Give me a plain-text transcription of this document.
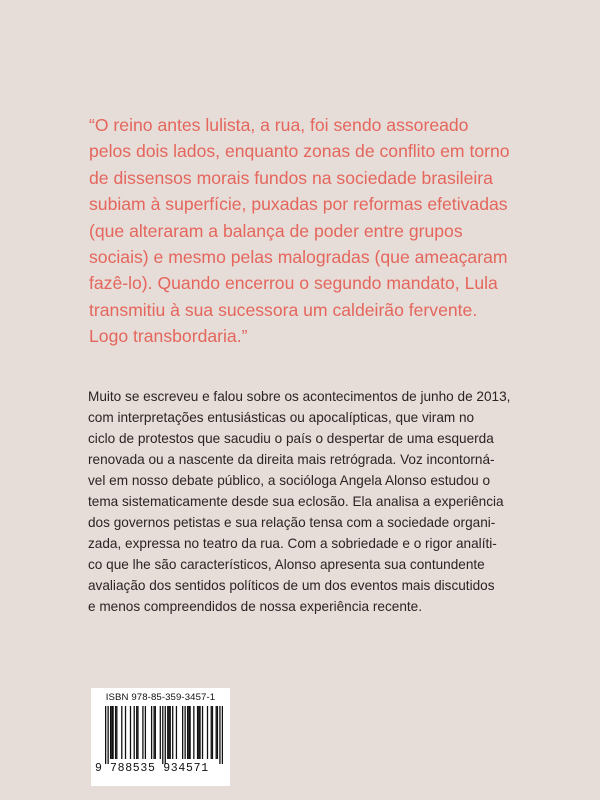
“O reino antes lulista, a rua, foi sendo assoreado
pelos dois lados, enquanto zonas de conflito em torno
de dissensos morais fundos na sociedade brasileira
subiam à superfície, puxadas por reformas efetivadas
(que alteraram a balança de poder entre grupos
sociais) e mesmo pelas malogradas (que ameaçaram
fazê-lo). Quando encerrou o segundo mandato, Lula
transmitiu à sua sucessora um caldeirão fervente.
Logo transbordaria.”
Muito se escreveu e falou sobre os acontecimentos de junho de 2013,
com interpretações entusiásticas ou apocalípticas, que viram no
ciclo de protestos que sacudiu o país o despertar de uma esquerda
renovada ou a nascente da direita mais retrógrada. Voz incontorná-
vel em nosso debate público, a socióloga Angela Alonso estudou o
tema sistematicamente desde sua eclosão. Ela analisa a experiência
dos governos petistas e sua relação tensa com a sociedade organi-
zada, expressa no teatro da rua. Com a sobriedade e o rigor analíti-
co que lhe são característicos, Alonso apresenta sua contundente
avaliação dos sentidos políticos de um dos eventos mais discutidos
e menos compreendidos de nossa experiência recente.
ISBN 978-85-359-3457-1
9 788535 934571
